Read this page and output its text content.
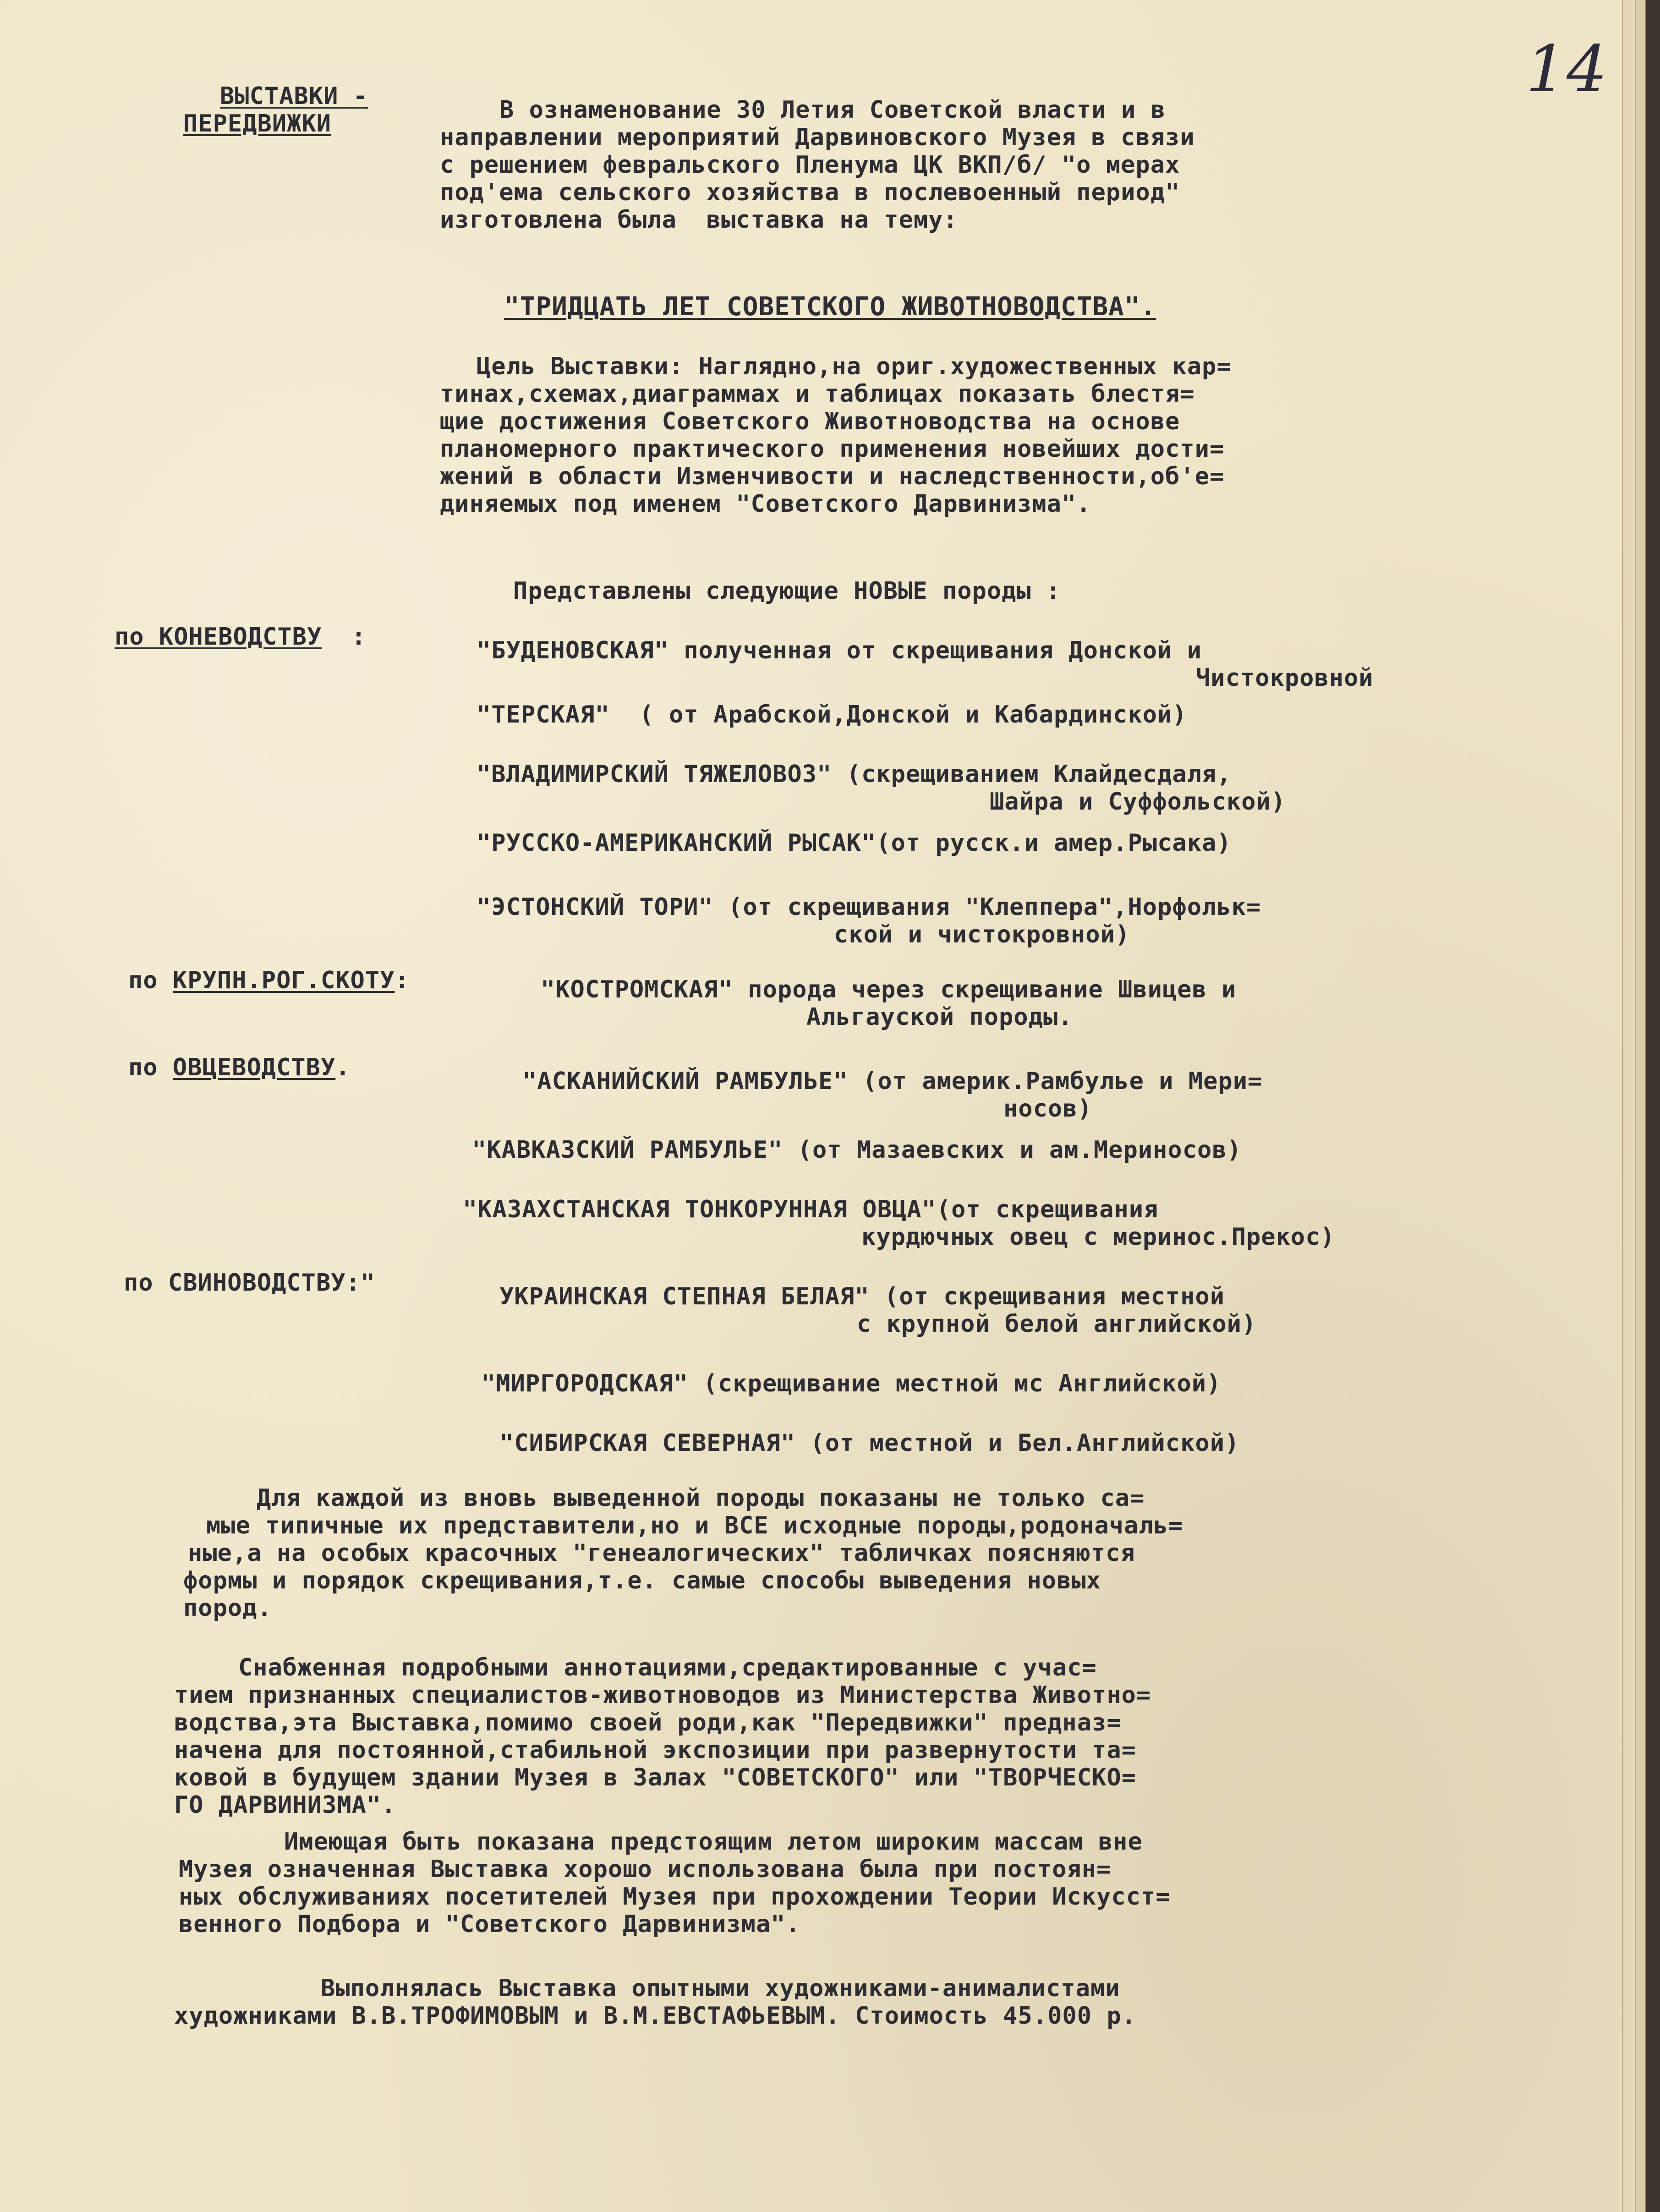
14

ВЫСТАВКИ -

ПЕРЕДВИЖКИ	В ознаменование 30 Летия Советской власти и в

направлении мероприятий Дарвиновского Музея в связи

с решением февральского Пленума ЦК ВКП/б/ "о мерах

под'ема сельского хозяйства в послевоенный период"

изготовлена была  выставка на тему:

"ТРИДЦАТЬ ЛЕТ СОВЕТСКОГО ЖИВОТНОВОДСТВА".

Цель Выставки: Наглядно,на ориг.художественных кар=

тинах,схемах,диаграммах и таблицах показать блестя=

щие достижения Советского Животноводства на основе

планомерного практического применения новейших дости=

жений в области Изменчивости и наследственности,об'е=

диняемых под именем "Советского Дарвинизма".

Представлены следующие НОВЫЕ породы :

по КОНЕВОДСТВУ  :	"БУДЕНОВСКАЯ" полученная от скрещивания Донской и

Чистокровной

"ТЕРСКАЯ"  ( от Арабской,Донской и Кабардинской)

"ВЛАДИМИРСКИЙ ТЯЖЕЛОВОЗ" (скрещиванием Клайдесдаля,

Шайра и Суффольской)

"РУССКО-АМЕРИКАНСКИЙ РЫСАК"(от русск.и амер.Рысака)

"ЭСТОНСКИЙ ТОРИ" (от скрещивания "Клеппера",Норфольк=

ской и чистокровной)

по КРУПН.РОГ.СКОТУ:	"КОСТРОМСКАЯ" порода через скрещивание Швицев и

Альгауской породы.

по ОВЦЕВОДСТВУ.	"АСКАНИЙСКИЙ РАМБУЛЬЕ" (от америк.Рамбулье и Мери=

носов)

"КАВКАЗСКИЙ РАМБУЛЬЕ" (от Мазаевских и ам.Мериносов)

"КАЗАХСТАНСКАЯ ТОНКОРУННАЯ ОВЦА"(от скрещивания

курдючных овец с меринос.Прекос)

по СВИНОВОДСТВУ:"	УКРАИНСКАЯ СТЕПНАЯ БЕЛАЯ" (от скрещивания местной

с крупной белой английской)

"МИРГОРОДСКАЯ" (скрещивание местной мс Английской)

"СИБИРСКАЯ СЕВЕРНАЯ" (от местной и Бел.Английской)

Для каждой из вновь выведенной породы показаны не только са=

мые типичные их представители,но и ВСЕ исходные породы,родоначаль=

ные,а на особых красочных "генеалогических" табличках поясняются

формы и порядок скрещивания,т.е. самые способы выведения новых

пород.

Снабженная подробными аннотациями,средактированные с учас=

тием признанных специалистов-животноводов из Министерства Животно=

водства,эта Выставка,помимо своей роди,как "Передвижки" предназ=

начена для постоянной,стабильной экспозиции при развернутости та=

ковой в будущем здании Музея в Залах "СОВЕТСКОГО" или "ТВОРЧЕСКО=

ГО ДАРВИНИЗМА".

Имеющая быть показана предстоящим летом широким массам вне

Музея означенная Выставка хорошо использована была при постоян=

ных обслуживаниях посетителей Музея при прохождении Теории Искусст=

венного Подбора и "Советского Дарвинизма".

Выполнялась Выставка опытными художниками-анималистами

художниками В.В.ТРОФИМОВЫМ и В.М.ЕВСТАФЬЕВЫМ. Стоимость 45.000 р.
